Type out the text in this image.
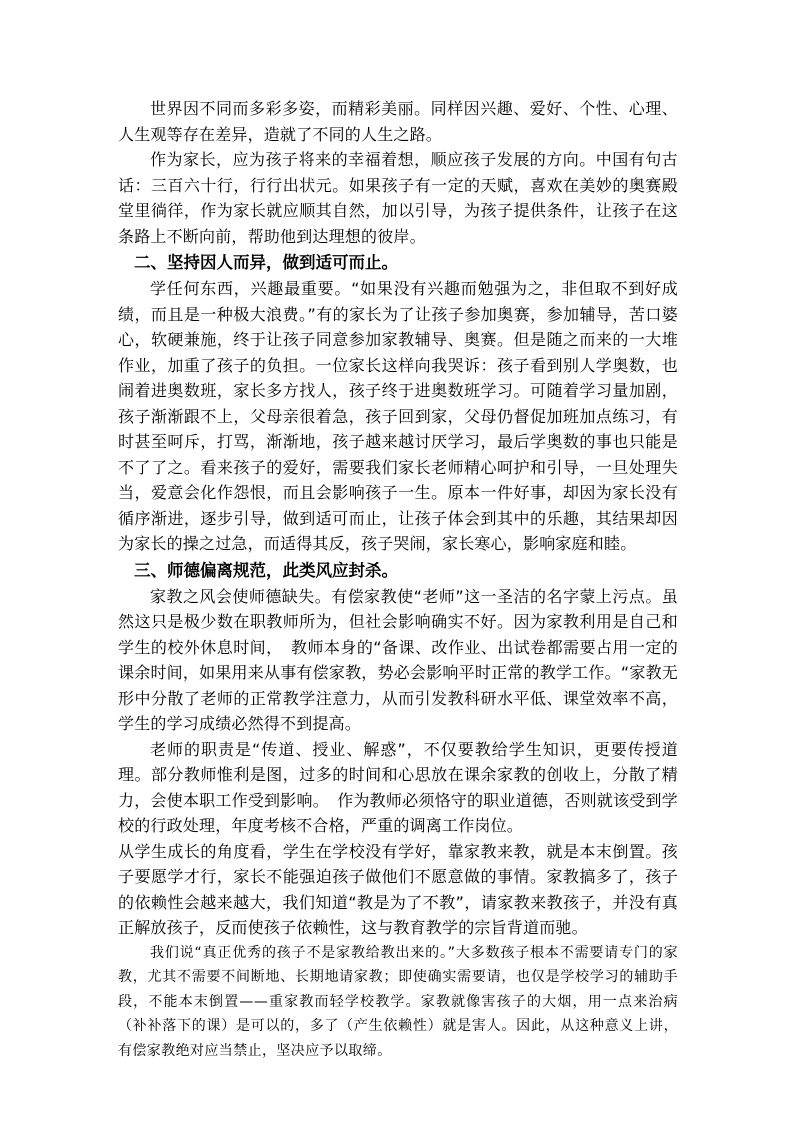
世界因不同而多彩多姿，而精彩美丽。同样因兴趣、爱好、个性、心理、人生观等存在差异，造就了不同的人生之路。

作为家长，应为孩子将来的幸福着想，顺应孩子发展的方向。中国有句古话：三百六十行，行行出状元。如果孩子有一定的天赋，喜欢在美妙的奥赛殿堂里徜徉，作为家长就应顺其自然，加以引导，为孩子提供条件，让孩子在这条路上不断向前，帮助他到达理想的彼岸。

二、坚持因人而异，做到适可而止。

学任何东西，兴趣最重要。“如果没有兴趣而勉强为之，非但取不到好成绩，而且是一种极大浪费。”有的家长为了让孩子参加奥赛，参加辅导，苦口婆心，软硬兼施，终于让孩子同意参加家教辅导、奥赛。但是随之而来的一大堆作业，加重了孩子的负担。一位家长这样向我哭诉：孩子看到别人学奥数，也闹着进奥数班，家长多方找人，孩子终于进奥数班学习。可随着学习量加剧，孩子渐渐跟不上，父母亲很着急，孩子回到家，父母仍督促加班加点练习，有时甚至呵斥，打骂，渐渐地，孩子越来越讨厌学习，最后学奥数的事也只能是不了了之。看来孩子的爱好，需要我们家长老师精心呵护和引导，一旦处理失当，爱意会化作怨恨，而且会影响孩子一生。原本一件好事，却因为家长没有循序渐进，逐步引导，做到适可而止，让孩子体会到其中的乐趣，其结果却因为家长的操之过急，而适得其反，孩子哭闹，家长寒心，影响家庭和睦。

三、师德偏离规范，此类风应封杀。

家教之风会使师德缺失。有偿家教使“老师”这一圣洁的名字蒙上污点。虽然这只是极少数在职教师所为，但社会影响确实不好。因为家教利用是自己和学生的校外休息时间，　教师本身的“备课、改作业、出试卷都需要占用一定的课余时间，如果用来从事有偿家教，势必会影响平时正常的教学工作。“家教无形中分散了老师的正常教学注意力，从而引发教科研水平低、课堂效率不高，学生的学习成绩必然得不到提高。

老师的职责是“传道、授业、解惑”，不仅要教给学生知识，更要传授道理。部分教师惟利是图，过多的时间和心思放在课余家教的创收上，分散了精力，会使本职工作受到影响。　作为教师必须恪守的职业道德，否则就该受到学校的行政处理，年度考核不合格，严重的调离工作岗位。

从学生成长的角度看，学生在学校没有学好，靠家教来教，就是本末倒置。孩子要愿学才行，家长不能强迫孩子做他们不愿意做的事情。家教搞多了，孩子的依赖性会越来越大，我们知道“教是为了不教”，请家教来教孩子，并没有真正解放孩子，反而使孩子依赖性，这与教育教学的宗旨背道而驰。

我们说“真正优秀的孩子不是家教给教出来的。”大多数孩子根本不需要请专门的家教，尤其不需要不间断地、长期地请家教；即使确实需要请，也仅是学校学习的辅助手段，不能本末倒置——重家教而轻学校教学。家教就像害孩子的大烟，用一点来治病（补补落下的课）是可以的，多了（产生依赖性）就是害人。因此，从这种意义上讲，有偿家教绝对应当禁止，坚决应予以取缔。
